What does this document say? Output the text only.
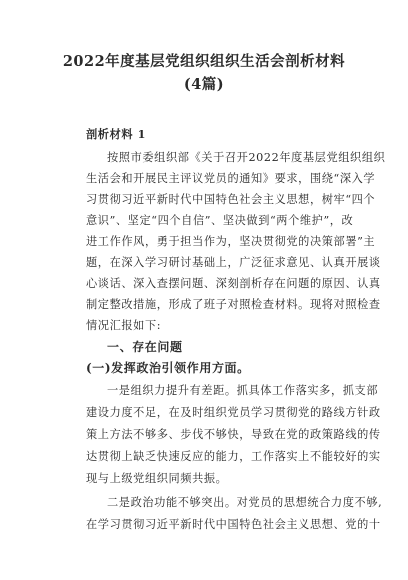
2022年度基层党组织组织生活会剖析材料
(4篇)
剖析材料 1
按照市委组织部《关于召开2022年度基层党组织组织
生活会和开展民主评议党员的通知》要求，围绕“深入学
习贯彻习近平新时代中国特色社会主义思想，树牢“四个
意识”、坚定“四个自信”、坚决做到“两个维护”，改
进工作作风，勇于担当作为，坚决贯彻党的决策部署”主
题，在深入学习研讨基础上，广泛征求意见、认真开展谈
心谈话、深入查摆问题、深刻剖析存在问题的原因、认真
制定整改措施，形成了班子对照检查材料。现将对照检查
情况汇报如下:
一、存在问题
(一)发挥政治引领作用方面。
一是组织力提升有差距。抓具体工作落实多，抓支部
建设力度不足，在及时组织党员学习贯彻党的路线方针政
策上方法不够多、步伐不够快，导致在党的政策路线的传
达贯彻上缺乏快速反应的能力，工作落实上不能较好的实
现与上级党组织同频共振。
二是政治功能不够突出。对党员的思想统合力度不够,
在学习贯彻习近平新时代中国特色社会主义思想、党的十
